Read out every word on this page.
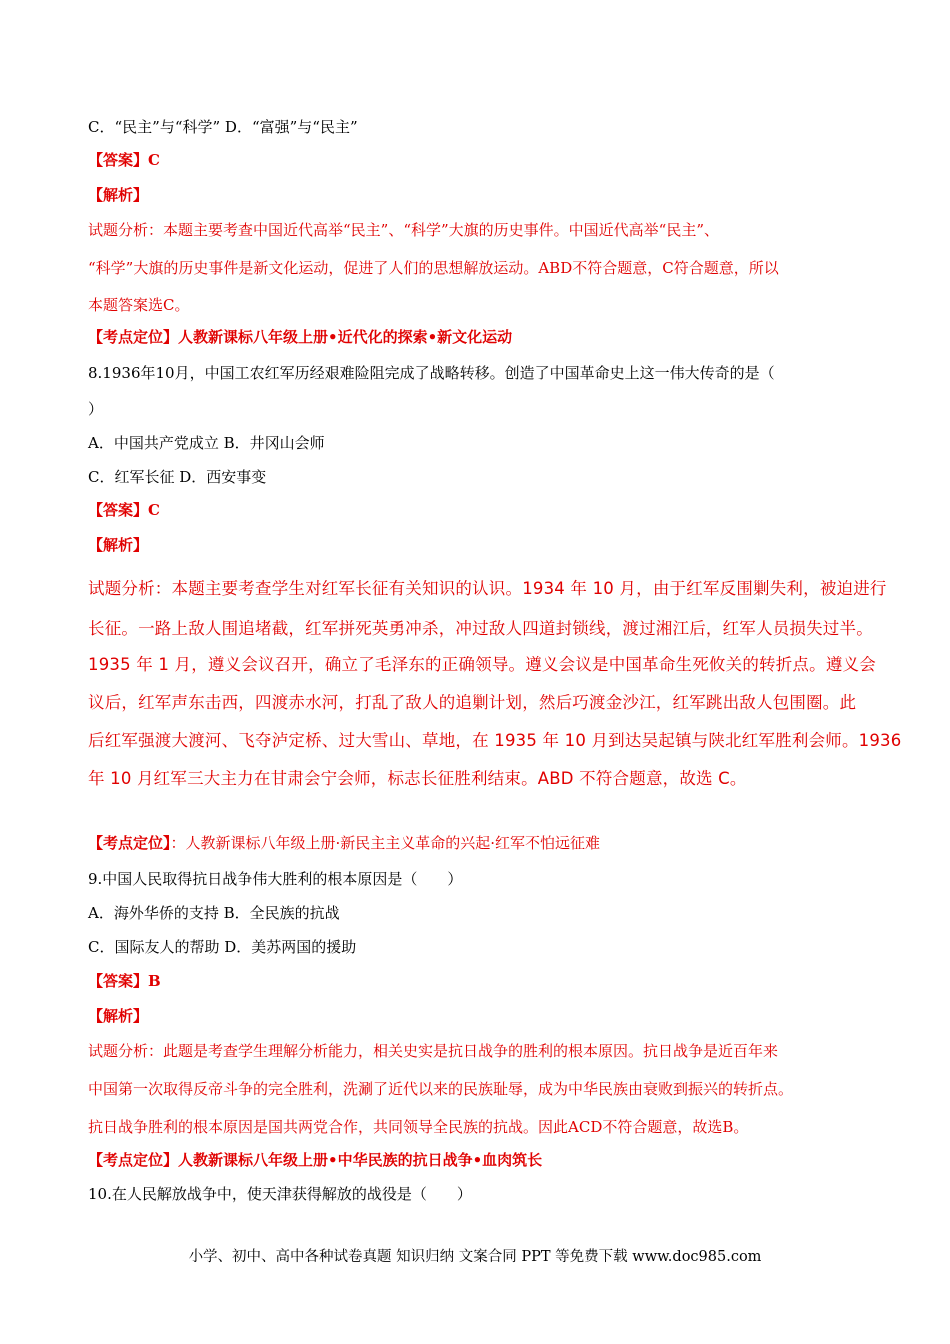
C．“民主”与“科学” D．“富强”与“民主”
【答案】C
【解析】
试题分析：本题主要考查中国近代高举“民主”、“科学”大旗的历史事件。中国近代高举“民主”、
“科学”大旗的历史事件是新文化运动，促进了人们的思想解放运动。ABD不符合题意，C符合题意，所以
本题答案选C。
【考点定位】人教新课标八年级上册•近代化的探索•新文化运动
8.1936年10月，中国工农红军历经艰难险阻完成了战略转移。创造了中国革命史上这一伟大传奇的是（
）
A．中国共产党成立 B．井冈山会师
C．红军长征 D．西安事变
【答案】C
【解析】
试题分析：本题主要考查学生对红军长征有关知识的认识。1934 年 10 月，由于红军反围剿失利，被迫进行
长征。一路上敌人围追堵截，红军拼死英勇冲杀，冲过敌人四道封锁线，渡过湘江后，红军人员损失过半。
1935 年 1 月，遵义会议召开，确立了毛泽东的正确领导。遵义会议是中国革命生死攸关的转折点。遵义会
议后，红军声东击西，四渡赤水河，打乱了敌人的追剿计划，然后巧渡金沙江，红军跳出敌人包围圈。此
后红军强渡大渡河、飞夺泸定桥、过大雪山、草地，在 1935 年 10 月到达吴起镇与陕北红军胜利会师。1936
年 10 月红军三大主力在甘肃会宁会师，标志长征胜利结束。ABD 不符合题意，故选 C。
【考点定位】：人教新课标八年级上册·新民主主义革命的兴起·红军不怕远征难
9.中国人民取得抗日战争伟大胜利的根本原因是（　　）
A．海外华侨的支持 B．全民族的抗战
C．国际友人的帮助 D．美苏两国的援助
【答案】B
【解析】
试题分析：此题是考查学生理解分析能力，相关史实是抗日战争的胜利的根本原因。抗日战争是近百年来
中国第一次取得反帝斗争的完全胜利，洗涮了近代以来的民族耻辱，成为中华民族由衰败到振兴的转折点。
抗日战争胜利的根本原因是国共两党合作，共同领导全民族的抗战。因此ACD不符合题意，故选B。
【考点定位】人教新课标八年级上册•中华民族的抗日战争•血肉筑长
10.在人民解放战争中，使天津获得解放的战役是（　　）
小学、初中、高中各种试卷真题 知识归纳 文案合同 PPT 等免费下载 www.doc985.com
